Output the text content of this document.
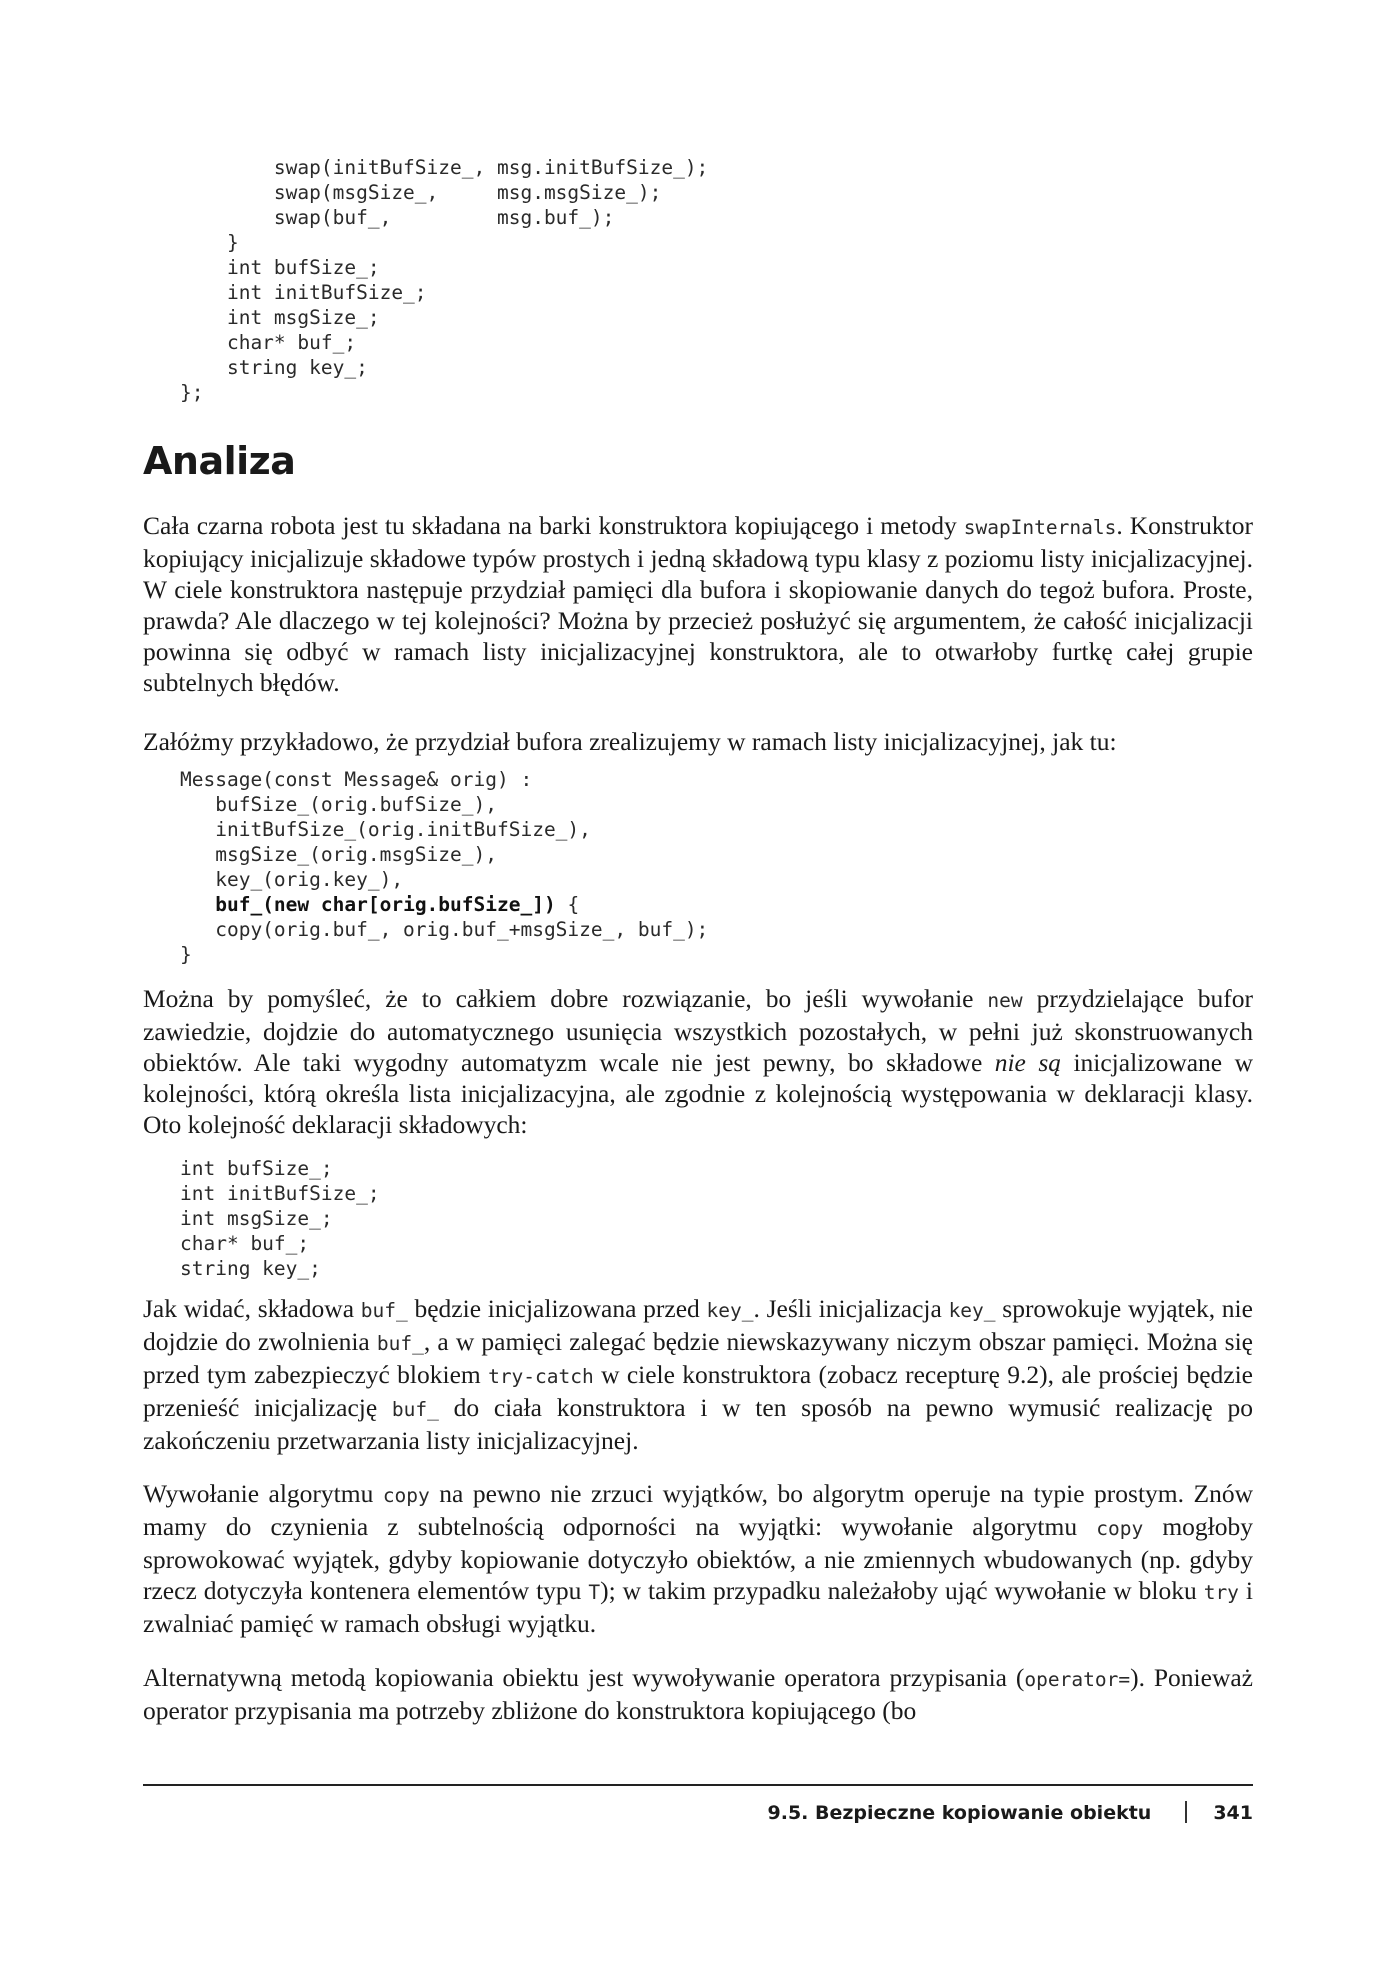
swap(initBufSize_, msg.initBufSize_);
swap(msgSize_,     msg.msgSize_);
swap(buf_,         msg.buf_);
}
int bufSize_;
int initBufSize_;
int msgSize_;
char* buf_;
string key_;
};
Analiza

Cała czarna robota jest tu składana na barki konstruktora kopiującego i metody swapInternals. Konstruktor kopiujący inicjalizuje składowe typów prostych i jedną składową typu klasy z poziomu listy inicjalizacyjnej. W ciele konstruktora następuje przydział pamięci dla bufora i skopiowanie danych do tegoż bufora. Proste, prawda? Ale dlaczego w tej kolejności? Można by przecież posłużyć się argumentem, że całość inicjalizacji powinna się odbyć w ramach listy inicjalizacyjnej konstruktora, ale to otwarłoby furtkę całej grupie subtelnych błędów.

Załóżmy przykładowo, że przydział bufora zrealizujemy w ramach listy inicjalizacyjnej, jak tu:

Message(const Message& orig) :
bufSize_(orig.bufSize_),
initBufSize_(orig.initBufSize_),
msgSize_(orig.msgSize_),
key_(orig.key_),
buf_(new char[orig.bufSize_]) {
copy(orig.buf_, orig.buf_+msgSize_, buf_);
}

Można by pomyśleć, że to całkiem dobre rozwiązanie, bo jeśli wywołanie new przydzielające bufor zawiedzie, dojdzie do automatycznego usunięcia wszystkich pozostałych, w pełni już skonstruowanych obiektów. Ale taki wygodny automatyzm wcale nie jest pewny, bo składowe nie są inicjalizowane w kolejności, którą określa lista inicjalizacyjna, ale zgodnie z kolejnością występowania w deklaracji klasy. Oto kolejność deklaracji składowych:

int bufSize_;
int initBufSize_;
int msgSize_;
char* buf_;
string key_;

Jak widać, składowa buf_ będzie inicjalizowana przed key_. Jeśli inicjalizacja key_ sprowokuje wyjątek, nie dojdzie do zwolnienia buf_, a w pamięci zalegać będzie niewskazywany niczym obszar pamięci. Można się przed tym zabezpieczyć blokiem try-catch w ciele konstruktora (zobacz recepturę 9.2), ale prościej będzie przenieść inicjalizację buf_ do ciała konstruktora i w ten sposób na pewno wymusić realizację po zakończeniu przetwarzania listy inicjalizacyjnej.

Wywołanie algorytmu copy na pewno nie zrzuci wyjątków, bo algorytm operuje na typie prostym. Znów mamy do czynienia z subtelnością odporności na wyjątki: wywołanie algorytmu copy mogłoby sprowokować wyjątek, gdyby kopiowanie dotyczyło obiektów, a nie zmiennych wbudowanych (np. gdyby rzecz dotyczyła kontenera elementów typu T); w takim przypadku należałoby ująć wywołanie w bloku try i zwalniać pamięć w ramach obsługi wyjątku.

Alternatywną metodą kopiowania obiektu jest wywoływanie operatora przypisania (operator=). Ponieważ operator przypisania ma potrzeby zbliżone do konstruktora kopiującego (bo

9.5. Bezpieczne kopiowanie obiektu	341
